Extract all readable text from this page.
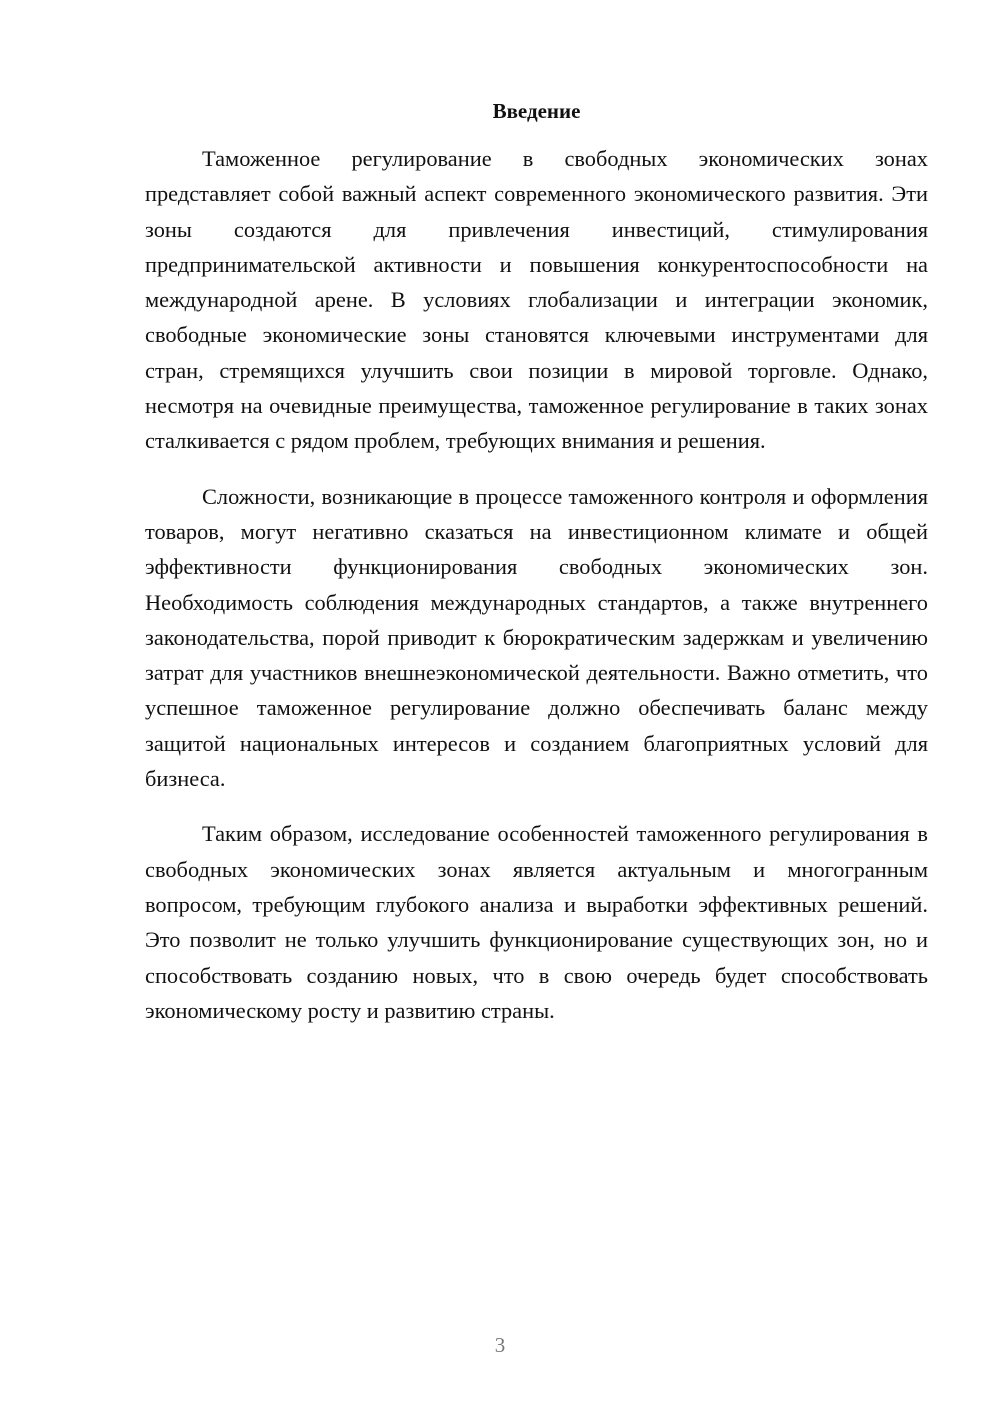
Введение

Таможенное регулирование в свободных экономических зонах представляет собой важный аспект современного экономического развития. Эти зоны создаются для привлечения инвестиций, стимулирования предпринимательской активности и повышения конкурентоспособности на международной арене. В условиях глобализации и интеграции экономик, свободные экономические зоны становятся ключевыми инструментами для стран, стремящихся улучшить свои позиции в мировой торговле. Однако, несмотря на очевидные преимущества, таможенное регулирование в таких зонах сталкивается с рядом проблем, требующих внимания и решения.

Сложности, возникающие в процессе таможенного контроля и оформления товаров, могут негативно сказаться на инвестиционном климате и общей эффективности функционирования свободных экономических зон. Необходимость соблюдения международных стандартов, а также внутреннего законодательства, порой приводит к бюрократическим задержкам и увеличению затрат для участников внешнеэкономической деятельности. Важно отметить, что успешное таможенное регулирование должно обеспечивать баланс между защитой национальных интересов и созданием благоприятных условий для бизнеса.

Таким образом, исследование особенностей таможенного регулирования в свободных экономических зонах является актуальным и многогранным вопросом, требующим глубокого анализа и выработки эффективных решений. Это позволит не только улучшить функционирование существующих зон, но и способствовать созданию новых, что в свою очередь будет способствовать экономическому росту и развитию страны.

3
